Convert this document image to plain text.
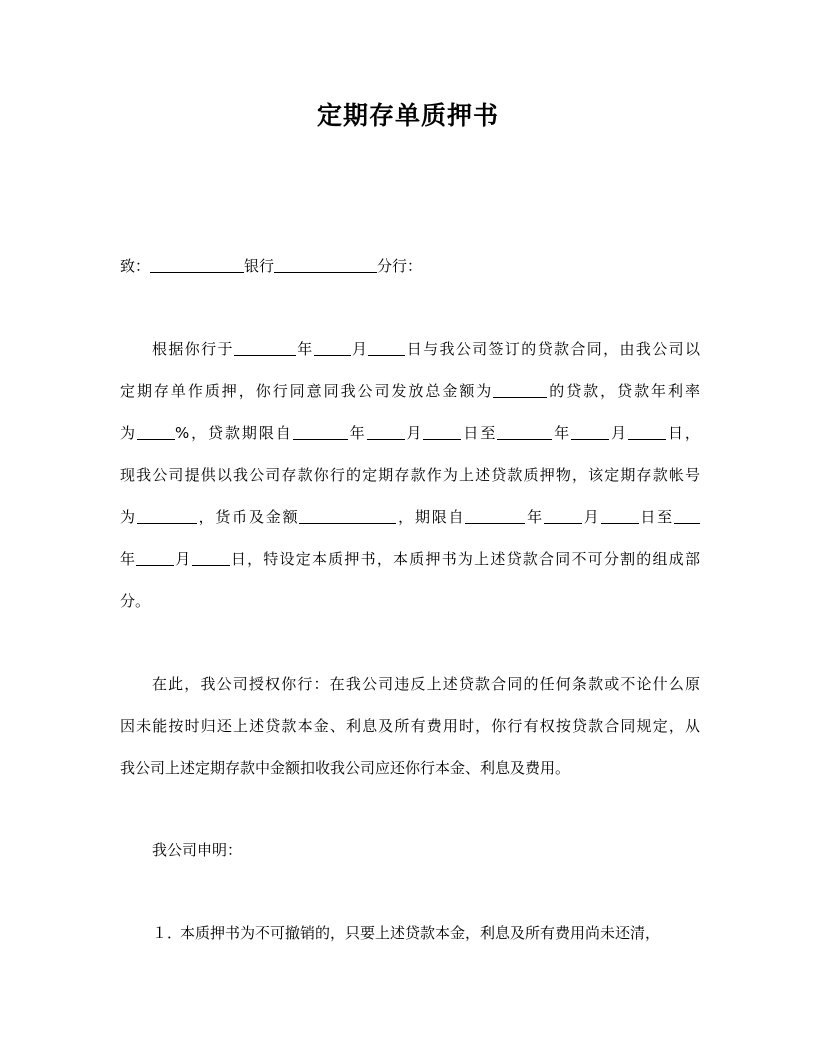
定期存单质押书
致：	银行	分行：
根据你行于	年 月 日与我公司签订的贷款合同，由我公司以
定期存单作质押，你行同意同我公司发放总金额为	的贷款，贷款年利率
为	%，贷款期限自	年	月	日至	年	月	日，
现我公司提供以我公司存款你行的定期存款作为上述贷款质押物，该定期存款帐号
为	，货币及金额	，期限自	年	月	日至
年	月	日，特设定本质押书，本质押书为上述贷款合同不可分割的组成部
分。
在此，我公司授权你行：在我公司违反上述贷款合同的任何条款或不论什么原
因未能按时归还上述贷款本金、利息及所有费用时，你行有权按贷款合同规定，从
我公司上述定期存款中金额扣收我公司应还你行本金、利息及费用。
我公司申明：
１．本质押书为不可撤销的，只要上述贷款本金，利息及所有费用尚未还清，
